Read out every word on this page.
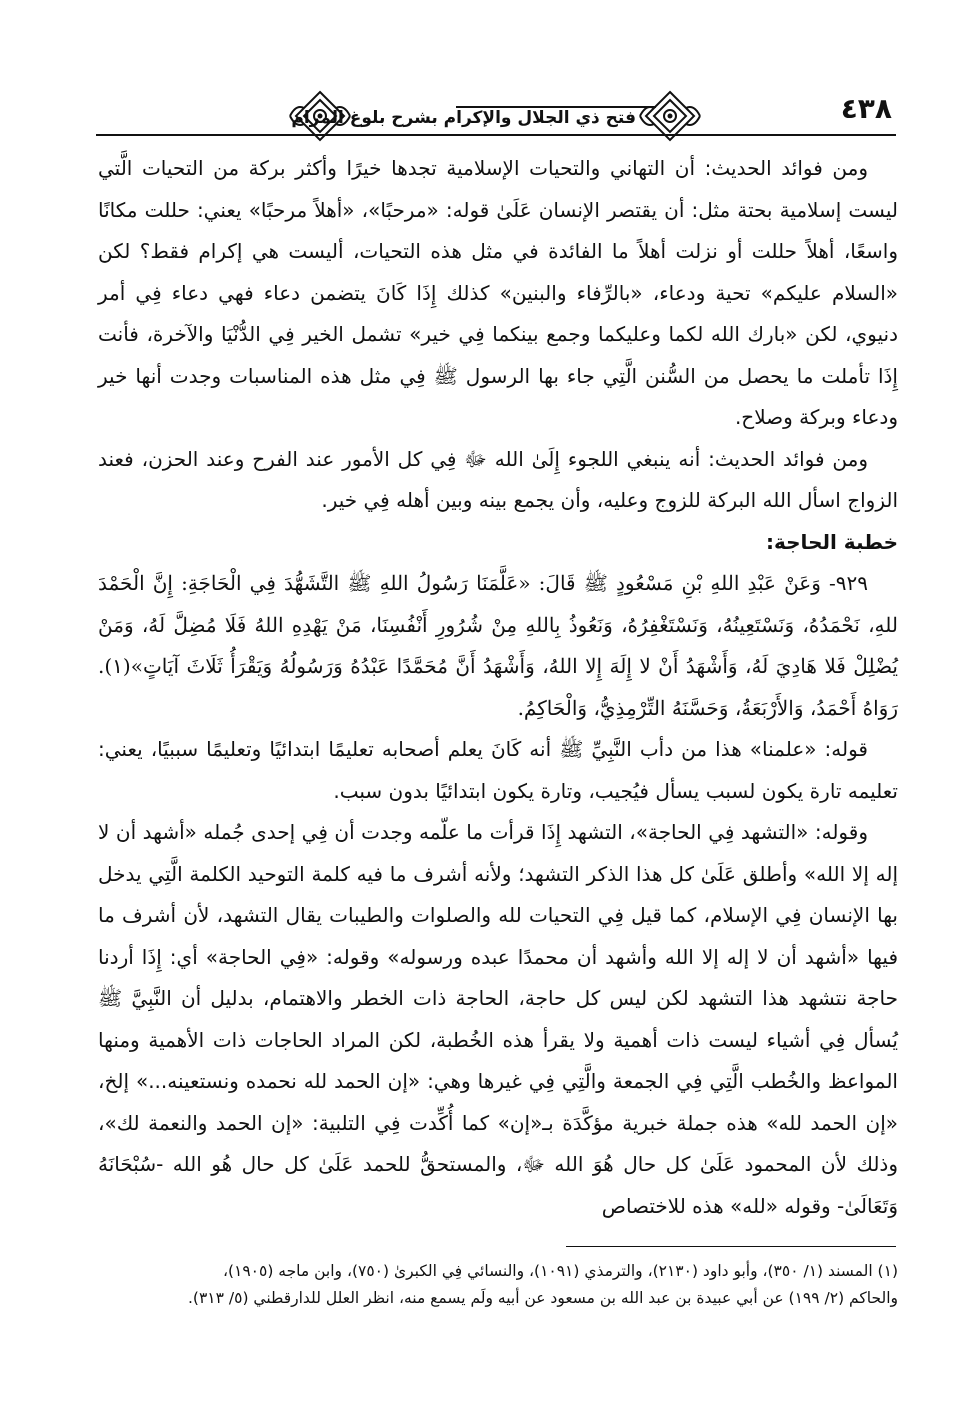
فتح ذي الجلال والإكرام بشرح بلوغ المرام	٤٣٨

ومن فوائد الحديث: أن التهاني والتحيات الإسلامية تجدها خيرًا وأكثر بركة من التحيات الَّتي ليست إسلامية بحتة مثل: أن يقتصر الإنسان عَلَىٰ قوله: «مرحبًا»، «أهلاً مرحبًا» يعني: حللت مكانًا واسعًا، أهلاً حللت أو نزلت أهلاً ما الفائدة في مثل هذه التحيات، أليست هي إكرام فقط؟ لكن «السلام عليكم» تحية ودعاء، «بالرِّفاء والبنين» كذلك إِذَا كَانَ يتضمن دعاء فهي دعاء فِي أمر دنيوي، لكن «بارك الله لكما وعليكما وجمع بينكما فِي خير» تشمل الخير فِي الدُّنْيَا والآخرة، فأنت إِذَا تأملت ما يحصل من السُّنن الَّتِي جاء بها الرسول ﷺ فِي مثل هذه المناسبات وجدت أنها خير ودعاء وبركة وصلاح.

ومن فوائد الحديث: أنه ينبغي اللجوء إِلَىٰ الله ﷻ فِي كل الأمور عند الفرح وعند الحزن، فعند الزواج اسأل الله البركة للزوج وعليه، وأن يجمع بينه وبين أهله فِي خير.

خطبة الحاجة:

٩٢٩- وَعَنْ عَبْدِ اللهِ بْنِ مَسْعُودٍ ﷺ قَالَ: «عَلَّمَنَا رَسُولُ اللهِ ﷺ التَّشَهُّدَ فِي الْحَاجَةِ: إِنَّ الْحَمْدَ للهِ، نَحْمَدُهُ، وَنَسْتَعِينُهُ، وَنَسْتَغْفِرُهُ، وَنَعُوذُ بِاللهِ مِنْ شُرُورِ أَنْفُسِنَا، مَنْ يَهْدِهِ اللهُ فَلَا مُضِلَّ لَهُ، وَمَنْ يُضْلِلْ فَلا هَادِيَ لَهُ، وَأَشْهَدُ أَنْ لا إِلَهَ إِلا اللهُ، وَأَشْهَدُ أَنَّ مُحَمَّدًا عَبْدُهُ وَرَسُولُهُ وَيَقْرَأُ ثَلَاثَ آيَاتٍ»(١). رَوَاهُ أَحْمَدُ، وَالأَرْبَعَةُ، وَحَسَّنَهُ التِّرْمِذِيُّ، وَالْحَاكِمُ.

قوله: «علمنا» هذا من دأب النَّبِيِّ ﷺ أنه كَانَ يعلم أصحابه تعليمًا ابتدائيًا وتعليمًا سببيًا، يعني: تعليمه تارة يكون لسبب يسأل فيُجيب، وتارة يكون ابتدائيًا بدون سبب.

وقوله: «التشهد فِي الحاجة»، التشهد إِذَا قرأت ما علّمه وجدت أن فِي إحدى جُمله «أشهد أن لا إله إلا الله» وأطلق عَلَىٰ كل هذا الذكر التشهد؛ ولأنه أشرف ما فيه كلمة التوحيد الكلمة الَّتِي يدخل بها الإنسان فِي الإسلام، كما قيل فِي التحيات لله والصلوات والطيبات يقال التشهد، لأن أشرف ما فيها «أشهد أن لا إله إلا الله وأشهد أن محمدًا عبده ورسوله» وقوله: «فِي الحاجة» أي: إِذَا أردنا حاجة نتشهد هذا التشهد لكن ليس كل حاجة، الحاجة ذات الخطر والاهتمام، بدليل أن النَّبِيَّ ﷺ يُسأل فِي أشياء ليست ذات أهمية ولا يقرأ هذه الخُطبة، لكن المراد الحاجات ذات الأهمية ومنها المواعظ والخُطب الَّتِي فِي الجمعة والَّتِي فِي غيرها وهي: «إن الحمد لله نحمده ونستعينه...» إلخ، «إن الحمد لله» هذه جملة خبرية مؤكَّدَة بـ«إن» كما أُكِّدت فِي التلبية: «إن الحمد والنعمة لك»، وذلك لأن المحمود عَلَىٰ كل حال هُوَ الله ﷻ، والمستحقُّ للحمد عَلَىٰ كل حال هُو الله -سُبْحَانَهُ وَتَعَالَىٰ- وقوله «لله» هذه للاختصاص

(١) المسند (١/ ٣٥٠)، وأبو داود (٢١٣٠)، والترمذي (١٠٩١)، والنسائي فِي الكبرىٰ (٧٥٠)، وابن ماجه (١٩٠٥)،

والحاكم (٢/ ١٩٩) عن أبي عبيدة بن عبد الله بن مسعود عن أبيه ولَم يسمع منه، انظر العلل للدارقطني (٥/ ٣١٣).
